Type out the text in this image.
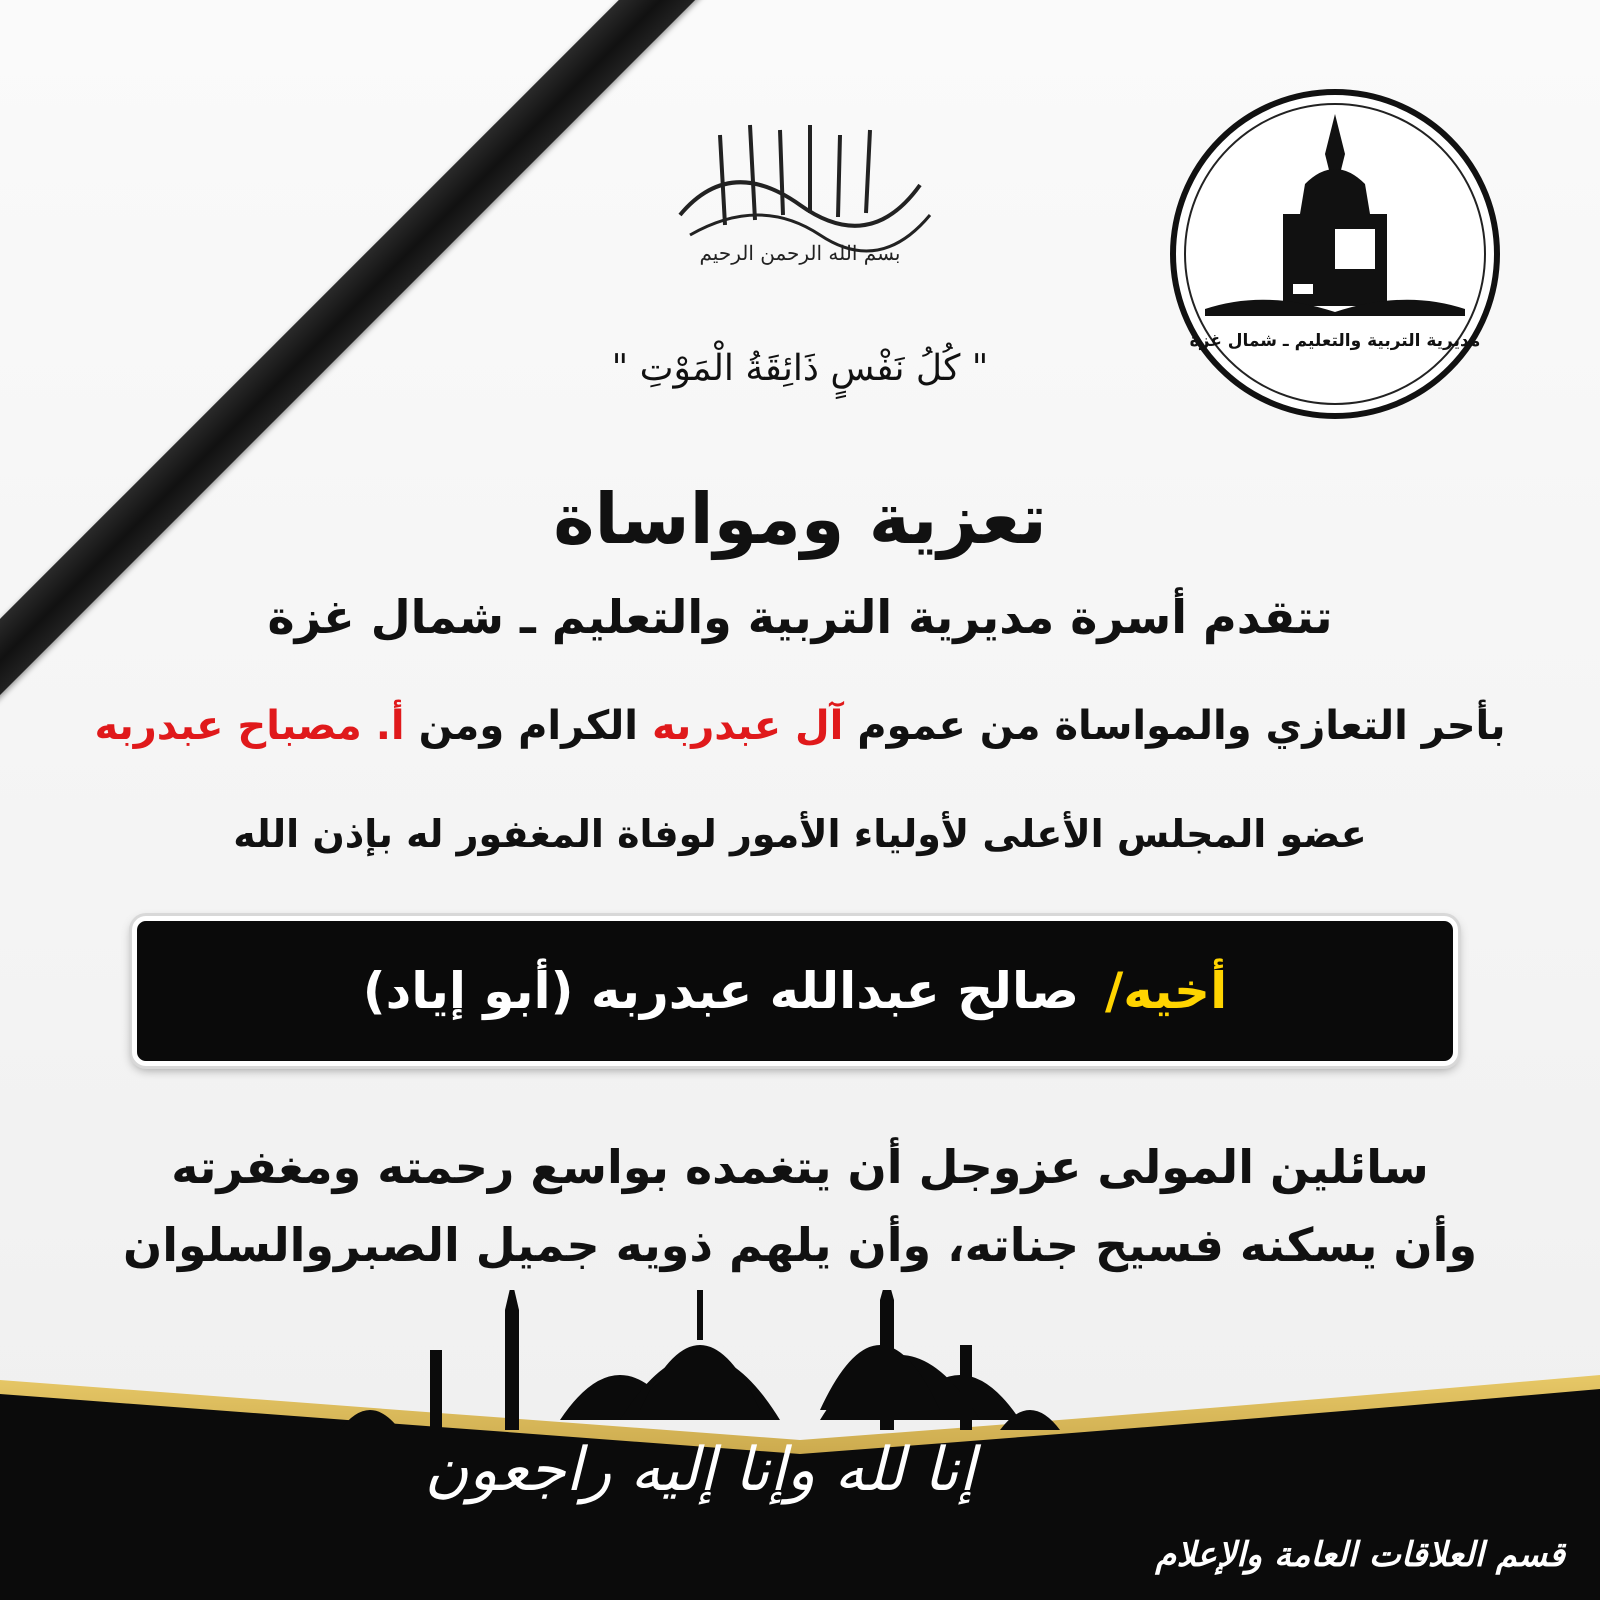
بسم الله الرحمن الرحيم
مديرية التربية والتعليم ـ شمال غزة
" كُلُ نَفْسٍ ذَائِقَةُ الْمَوْتِ "
تعزية ومواساة
تتقدم أسرة مديرية التربية والتعليم ـ شمال غزة
بأحر التعازي والمواساة من عموم آل عبدربه الكرام ومن أ. مصباح عبدربه
عضو المجلس الأعلى لأولياء الأمور لوفاة المغفور له بإذن الله
أخيه/
صالح عبدالله عبدربه (أبو إياد)
سائلين المولى عزوجل أن يتغمده بواسع رحمته ومغفرته
وأن يسكنه فسيح جناته، وأن يلهم ذويه جميل الصبروالسلوان
إنا لله وإنا إليه راجعون
قسم العلاقات العامة والإعلام
